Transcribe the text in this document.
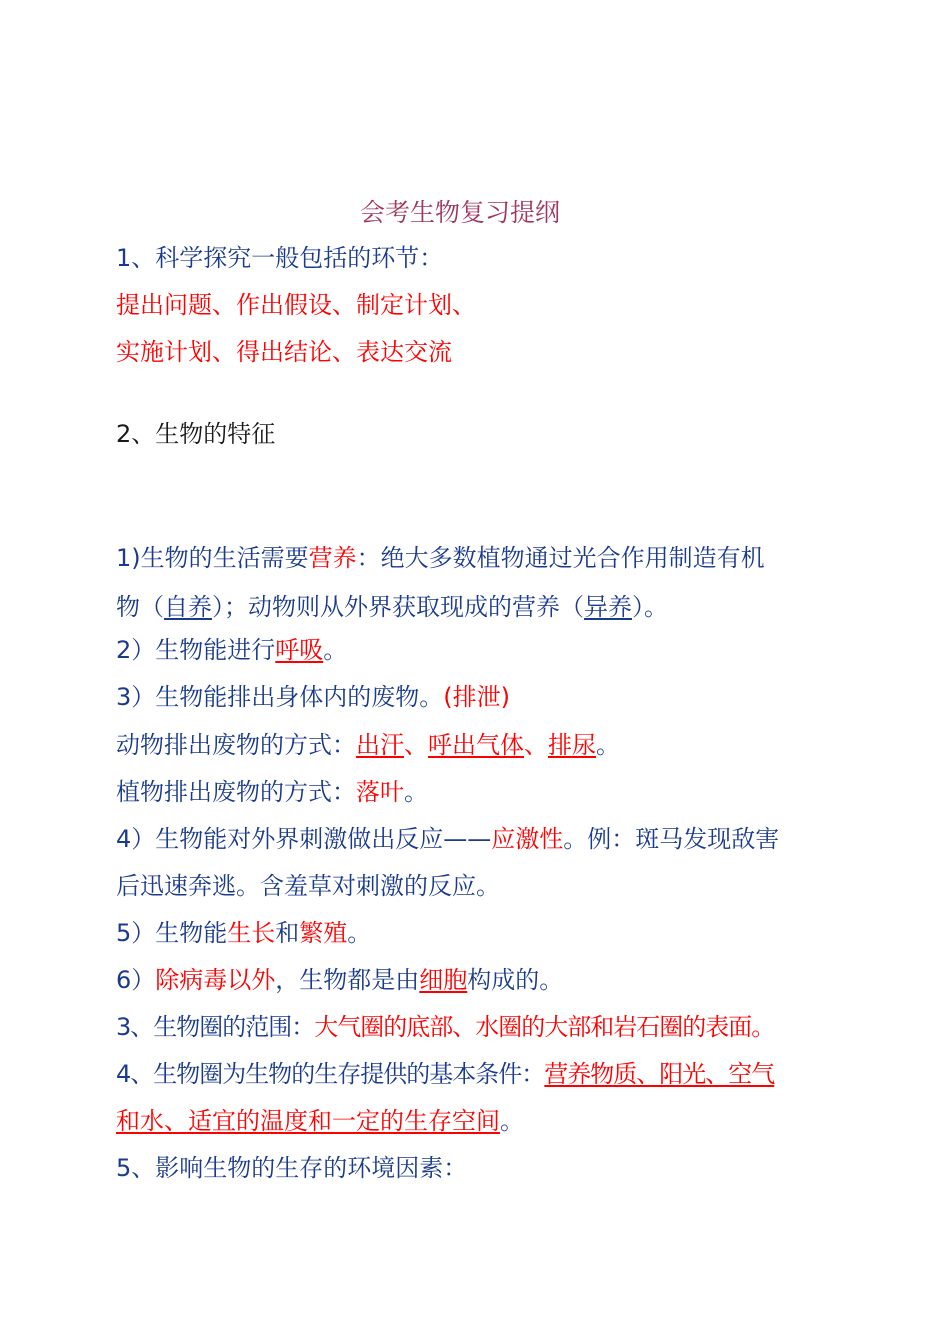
会考生物复习提纲
1、科学探究一般包括的环节：
提出问题、作出假设、制定计划、
实施计划、得出结论、表达交流
2、生物的特征
1)生物的生活需要营养：绝大多数植物通过光合作用制造有机
物（自养）；动物则从外界获取现成的营养（异养）。
2）生物能进行呼吸。
3）生物能排出身体内的废物。(排泄)
动物排出废物的方式：出汗、呼出气体、排尿。
植物排出废物的方式：落叶。
4）生物能对外界刺激做出反应——应激性。例：斑马发现敌害
后迅速奔逃。含羞草对刺激的反应。
5）生物能生长和繁殖。
6）除病毒以外，生物都是由细胞构成的。
3、生物圈的范围：大气圈的底部、水圈的大部和岩石圈的表面。
4、生物圈为生物的生存提供的基本条件：营养物质、阳光、空气
和水、适宜的温度和一定的生存空间。
5、影响生物的生存的环境因素：
